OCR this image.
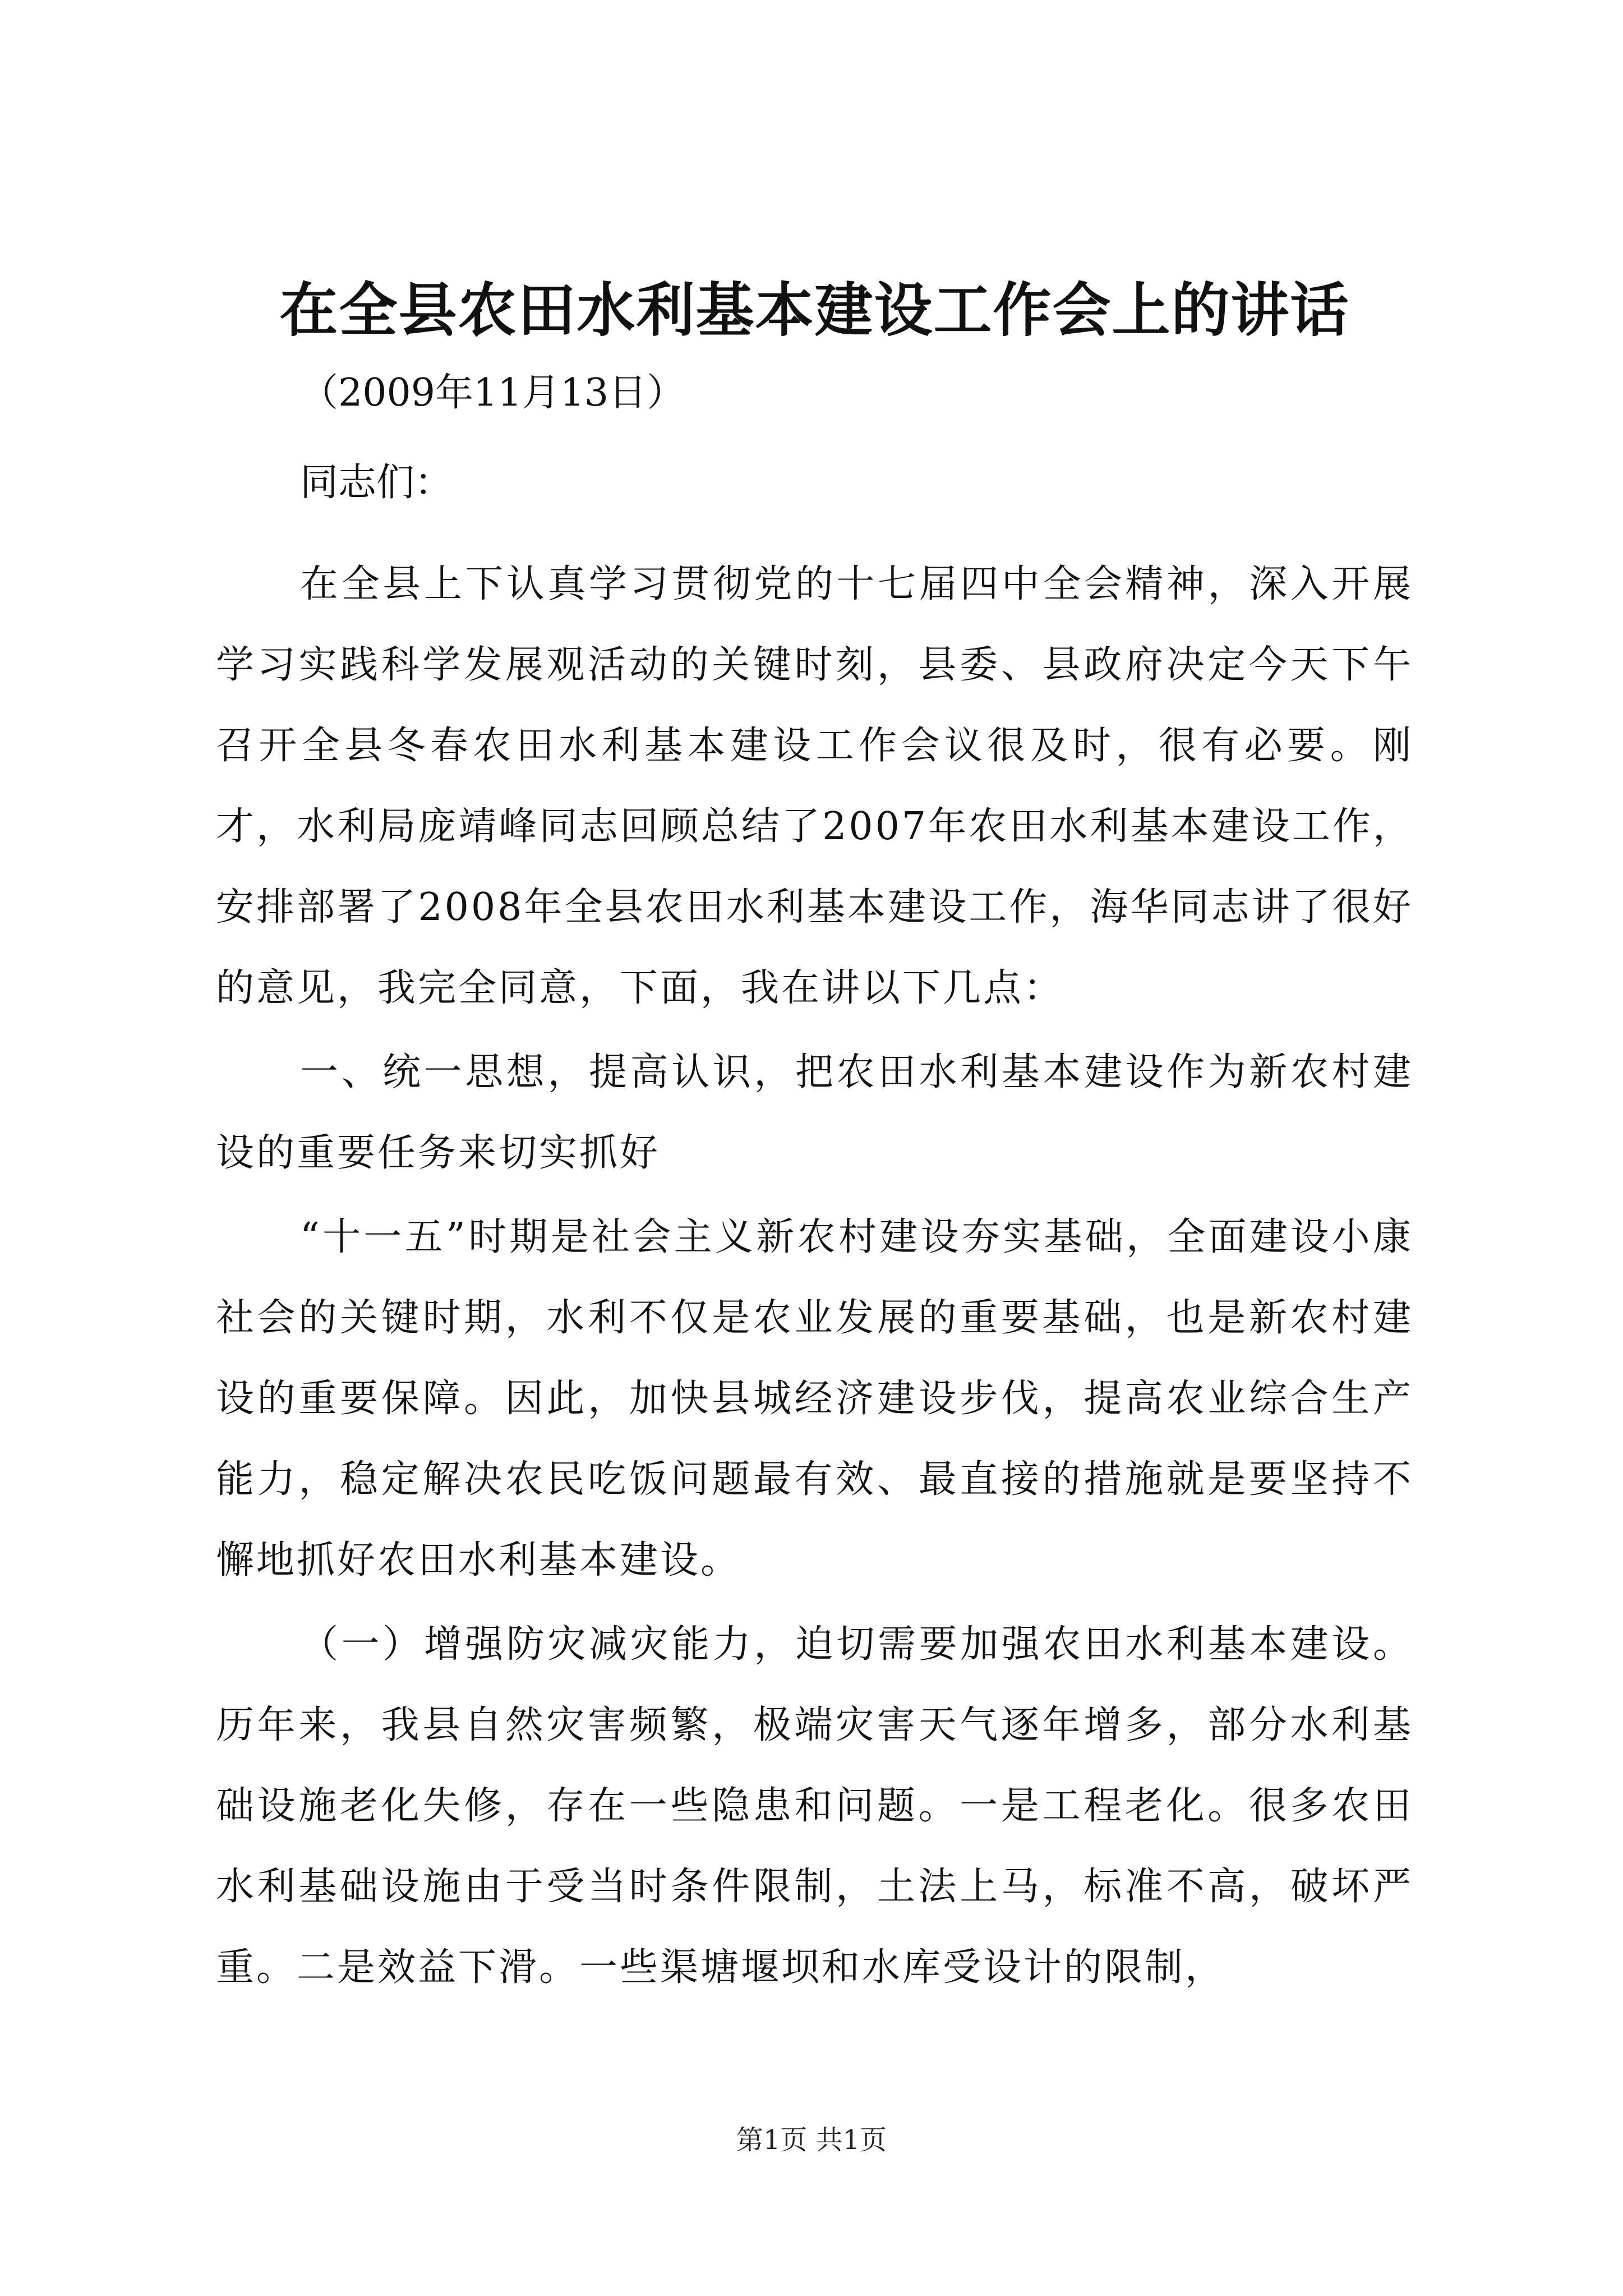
在全县农田水利基本建设工作会上的讲话
（2009年11月13日）
同志们：

在全县上下认真学习贯彻党的十七届四中全会精神，深入开展学习实践科学发展观活动的关键时刻，县委、县政府决定今天下午召开全县冬春农田水利基本建设工作会议很及时，很有必要。刚才，水利局庞靖峰同志回顾总结了2007年农田水利基本建设工作，安排部署了2008年全县农田水利基本建设工作，海华同志讲了很好的意见，我完全同意，下面，我在讲以下几点：

一、统一思想，提高认识，把农田水利基本建设作为新农村建设的重要任务来切实抓好

“十一五”时期是社会主义新农村建设夯实基础，全面建设小康社会的关键时期，水利不仅是农业发展的重要基础，也是新农村建设的重要保障。因此，加快县城经济建设步伐，提高农业综合生产能力，稳定解决农民吃饭问题最有效、最直接的措施就是要坚持不懈地抓好农田水利基本建设。

（一）增强防灾减灾能力，迫切需要加强农田水利基本建设。历年来，我县自然灾害频繁，极端灾害天气逐年增多，部分水利基础设施老化失修，存在一些隐患和问题。一是工程老化。很多农田水利基础设施由于受当时条件限制，土法上马，标准不高，破坏严重。二是效益下滑。一些渠塘堰坝和水库受设计的限制，

第1页 共1页
